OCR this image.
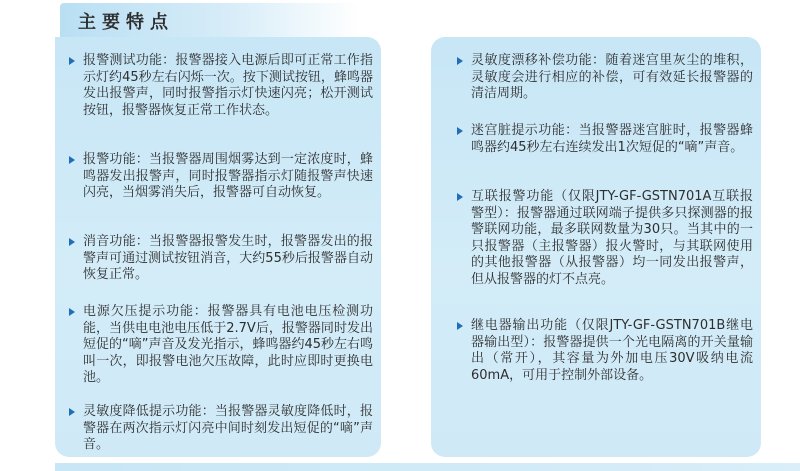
主要特点
报警测试功能：报警器接入电源后即可正常工作指示灯约45秒左右闪烁一次。按下测试按钮，蜂鸣器发出报警声，同时报警指示灯快速闪亮；松开测试按钮，报警器恢复正常工作状态。
报警功能：当报警器周围烟雾达到一定浓度时，蜂鸣器发出报警声，同时报警器指示灯随报警声快速闪亮，当烟雾消失后，报警器可自动恢复。
消音功能：当报警器报警发生时，报警器发出的报警声可通过测试按钮消音，大约55秒后报警器自动恢复正常。
电源欠压提示功能：报警器具有电池电压检测功能，当供电电池电压低于2.7V后，报警器同时发出短促的“嘀”声音及发光指示，蜂鸣器约45秒左右鸣叫一次，即报警电池欠压故障，此时应即时更换电池。
灵敏度降低提示功能：当报警器灵敏度降低时，报警器在两次指示灯闪亮中间时刻发出短促的“嘀”声音。
灵敏度漂移补偿功能：随着迷宫里灰尘的堆积，灵敏度会进行相应的补偿，可有效延长报警器的清洁周期。
迷宫脏提示功能：当报警器迷宫脏时，报警器蜂鸣器约45秒左右连续发出1次短促的“嘀”声音。
互联报警功能（仅限JTY-GF-GSTN701A互联报警型）：报警器通过联网端子提供多只探测器的报警联网功能，最多联网数量为30只。当其中的一只报警器（主报警器）报火警时，与其联网使用的其他报警器（从报警器）均一同发出报警声，但从报警器的灯不点亮。
继电器输出功能（仅限JTY-GF-GSTN701B继电器输出型）：报警器提供一个光电隔离的开关量输出（常开），其容量为外加电压30V吸纳电流60mA，可用于控制外部设备。
